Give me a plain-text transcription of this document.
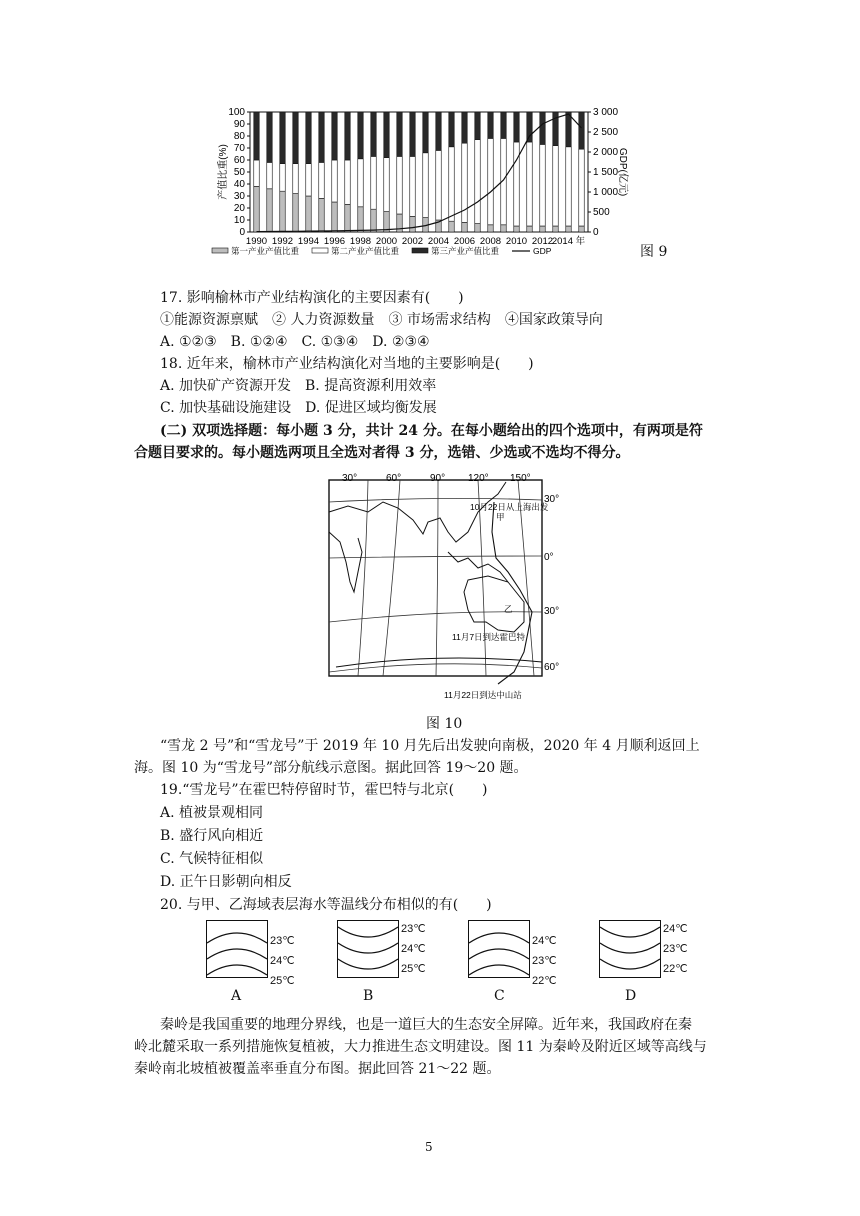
100
90
80
70
60
50
40
30
20
10
0
3 000
2 500
2 000
1 500
1 000
500
0
产值比重(%)	GDP(亿元)
1990 1992 1994 1996 1998 2000 2002 2004 2006 2008 2010 2012
2014 年
第一产业产值比重	第二产业产值比重	第三产业产值比重	GDP	图 9
17. 影响榆林市产业结构演化的主要因素有(　　)
①能源资源禀赋　② 人力资源数量　③ 市场需求结构　④国家政策导向
A. ①②③　B. ①②④　C. ①③④　D. ②③④
18. 近年来，榆林市产业结构演化对当地的主要影响是(　　)
A. 加快矿产资源开发　B. 提高资源利用效率
C. 加快基础设施建设　D. 促进区域均衡发展
(二) 双项选择题：每小题 3 分，共计 24 分。在每小题给出的四个选项中，有两项是符
合题目要求的。每小题选两项且全选对者得 3 分，选错、少选或不选均不得分。
30°	60°	90° 120° 150°
30°
0°
30°
60°
10月22日从上海出发
甲
乙
11月7日到达霍巴特
11月22日到达中山站
图 10
“雪龙 2 号”和“雪龙号”于 2019 年 10 月先后出发驶向南极，2020 年 4 月顺利返回上
海。图 10 为“雪龙号”部分航线示意图。据此回答 19～20 题。
19.“雪龙号”在霍巴特停留时节，霍巴特与北京(　　)
A. 植被景观相同
B. 盛行风向相近
C. 气候特征相似
D. 正午日影朝向相反
20. 与甲、乙海域表层海水等温线分布相似的有(　　)
23℃
24℃
25℃
A
23℃
24℃
25℃
B
24℃
23℃
22℃
C
24℃
23℃
22℃
D
秦岭是我国重要的地理分界线，也是一道巨大的生态安全屏障。近年来，我国政府在秦
岭北麓采取一系列措施恢复植被，大力推进生态文明建设。图 11 为秦岭及附近区域等高线与
秦岭南北坡植被覆盖率垂直分布图。据此回答 21～22 题。
5
